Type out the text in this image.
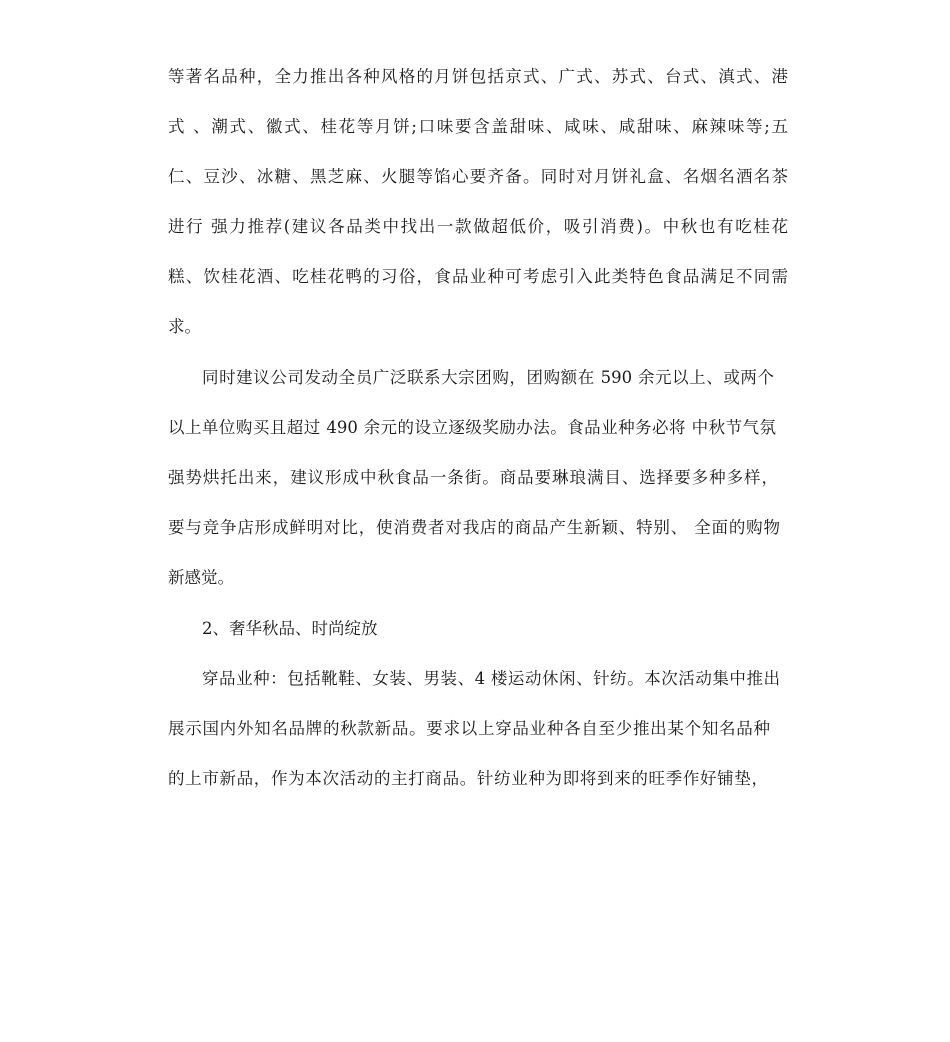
等著名品种，全力推出各种风格的月饼包括京式、广式、苏式、台式、滇式、港
式 、潮式、徽式、桂花等月饼;口味要含盖甜味、咸味、咸甜味、麻辣味等;五
仁、豆沙、冰糖、黑芝麻、火腿等馅心要齐备。同时对月饼礼盒、名烟名酒名茶
进行 强力推荐(建议各品类中找出一款做超低价，吸引消费)。中秋也有吃桂花
糕、饮桂花酒、吃桂花鸭的习俗，食品业种可考虑引入此类特色食品满足不同需
求。
同时建议公司发动全员广泛联系大宗团购，团购额在 590 余元以上、或两个
以上单位购买且超过 490 余元的设立逐级奖励办法。食品业种务必将 中秋节气氛
强势烘托出来，建议形成中秋食品一条街。商品要琳琅满目、选择要多种多样，
要与竞争店形成鲜明对比，使消费者对我店的商品产生新颖、特别、 全面的购物
新感觉。
2、奢华秋品、时尚绽放
穿品业种：包括靴鞋、女装、男装、4 楼运动休闲、针纺。本次活动集中推出
展示国内外知名品牌的秋款新品。要求以上穿品业种各自至少推出某个知名品种
的上市新品，作为本次活动的主打商品。针纺业种为即将到来的旺季作好铺垫，
